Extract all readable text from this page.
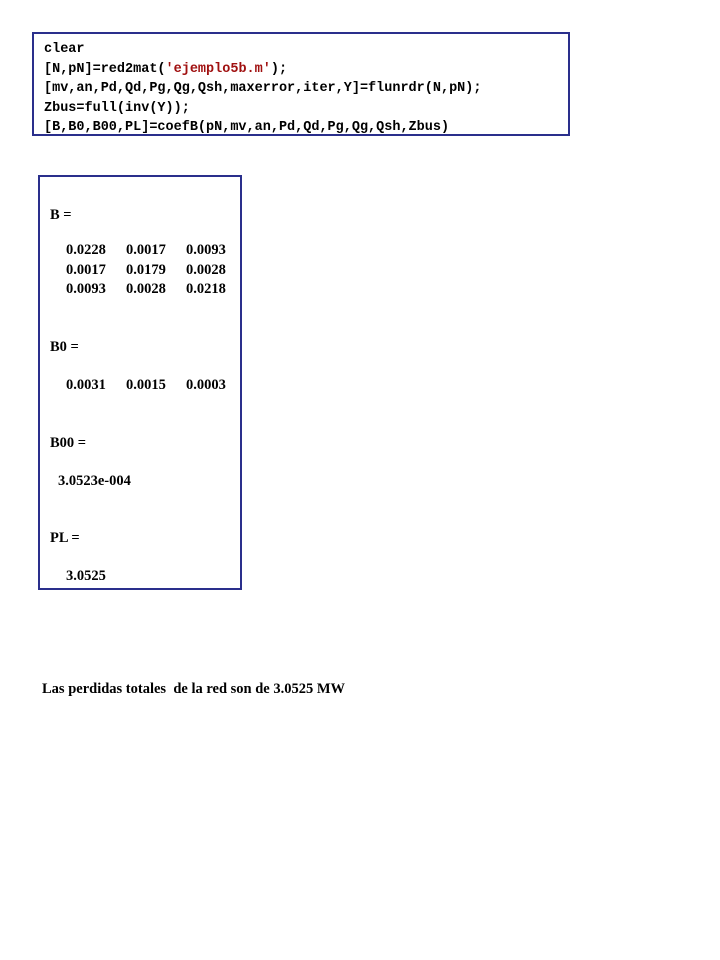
clear
[N,pN]=red2mat('ejemplo5b.m');
[mv,an,Pd,Qd,Pg,Qg,Qsh,maxerror,iter,Y]=flunrdr(N,pN);
Zbus=full(inv(Y));
[B,B0,B00,PL]=coefB(pN,mv,an,Pd,Qd,Pg,Qg,Qsh,Zbus)
B =
0.0228	0.0017	0.0093
0.0017	0.0179	0.0028
0.0093	0.0028	0.0218
B0 =
0.0031	0.0015	0.0003
B00 =
3.0523e-004
PL =
3.0525
Las perdidas totales  de la red son de 3.0525 MW
